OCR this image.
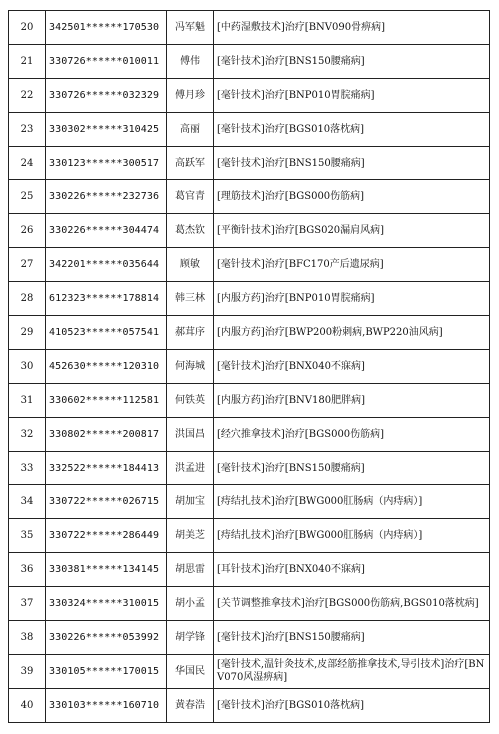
20	342501******170530	冯军魁	[中药湿敷技术]治疗[BNV090骨痹病]
21	330726******010011	傅伟	[毫针技术]治疗[BNS150腰痛病]
22	330726******032329	傅月珍	[毫针技术]治疗[BNP010胃脘痛病]
23	330302******310425	高丽	[毫针技术]治疗[BGS010落枕病]
24	330123******300517	高跃军	[毫针技术]治疗[BNS150腰痛病]
25	330226******232736	葛官青	[理筋技术]治疗[BGS000伤筋病]
26	330226******304474	葛杰钦	[平衡针技术]治疗[BGS020漏肩风病]
27	342201******035644	顾敏	[毫针技术]治疗[BFC170产后遗尿病]
28	612323******178814	韩三林	[内服方药]治疗[BNP010胃脘痛病]
29	410523******057541	郝茸序	[内服方药]治疗[BWP200粉刺病,BWP220油风病]
30	452630******120310	何海城	[毫针技术]治疗[BNX040不寐病]
31	330602******112581	何铁英	[内服方药]治疗[BNV180肥胖病]
32	330802******200817	洪国昌	[经穴推拿技术]治疗[BGS000伤筋病]
33	332522******184413	洪孟进	[毫针技术]治疗[BNS150腰痛病]
34	330722******026715	胡加宝	[痔结扎技术]治疗[BWG000肛肠病（内痔病）]
35	330722******286449	胡美芝	[痔结扎技术]治疗[BWG000肛肠病（内痔病）]
36	330381******134145	胡思雷	[耳针技术]治疗[BNX040不寐病]
37	330324******310015	胡小孟	[关节调整推拿技术]治疗[BGS000伤筋病,BGS010落枕病]
38	330226******053992	胡学锋	[毫针技术]治疗[BNS150腰痛病]
39	330105******170015	华国民	[毫针技术,温针灸技术,皮部经筋推拿技术,导引技术]治疗[BNV070风湿痹病]
40	330103******160710	黄春浩	[毫针技术]治疗[BGS010落枕病]
